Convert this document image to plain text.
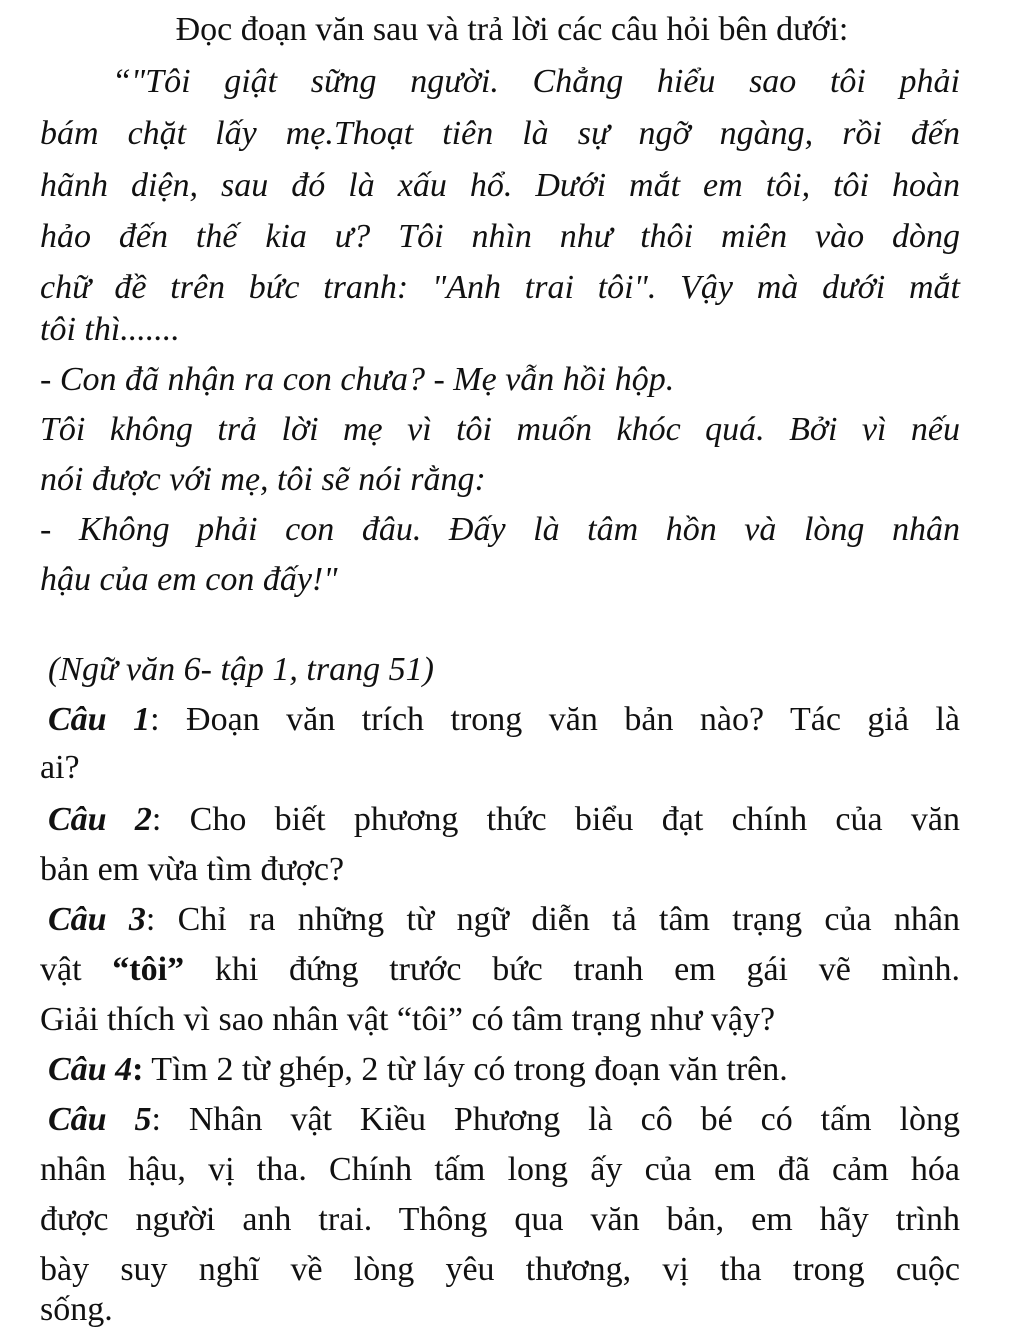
Đọc đoạn văn sau và trả lời các câu hỏi bên dưới:
“"Tôi giật sững người. Chẳng hiểu sao tôi phải
bám chặt lấy mẹ.Thoạt tiên là sự ngỡ ngàng, rồi đến
hãnh diện, sau đó là xấu hổ. Dưới mắt em tôi, tôi hoàn
hảo đến thế kia ư? Tôi nhìn như thôi miên vào dòng
chữ đề trên bức tranh: "Anh trai tôi". Vậy mà dưới mắt
tôi thì.......
- Con đã nhận ra con chưa? - Mẹ vẫn hồi hộp.
Tôi không trả lời mẹ vì tôi muốn khóc quá. Bởi vì nếu
nói được với mẹ, tôi sẽ nói rằng:
- Không phải con đâu. Đấy là tâm hồn và lòng nhân
hậu của em con đấy!"
(Ngữ văn 6- tập 1, trang 51)
Câu 1: Đoạn văn trích trong văn bản nào? Tác giả là
ai?
Câu 2: Cho biết phương thức biểu đạt chính của văn
bản em vừa tìm được?
Câu 3: Chỉ ra những từ ngữ diễn tả tâm trạng của nhân
vật “tôi” khi đứng trước bức tranh em gái vẽ mình.
Giải thích vì sao nhân vật “tôi” có tâm trạng như vậy?
Câu 4: Tìm 2 từ ghép, 2 từ láy có trong đoạn văn trên.
Câu 5: Nhân vật Kiều Phương là cô bé có tấm lòng
nhân hậu, vị tha. Chính tấm long ấy của em đã cảm hóa
được người anh trai. Thông qua văn bản, em hãy trình
bày suy nghĩ về lòng yêu thương, vị tha trong cuộc
sống.
